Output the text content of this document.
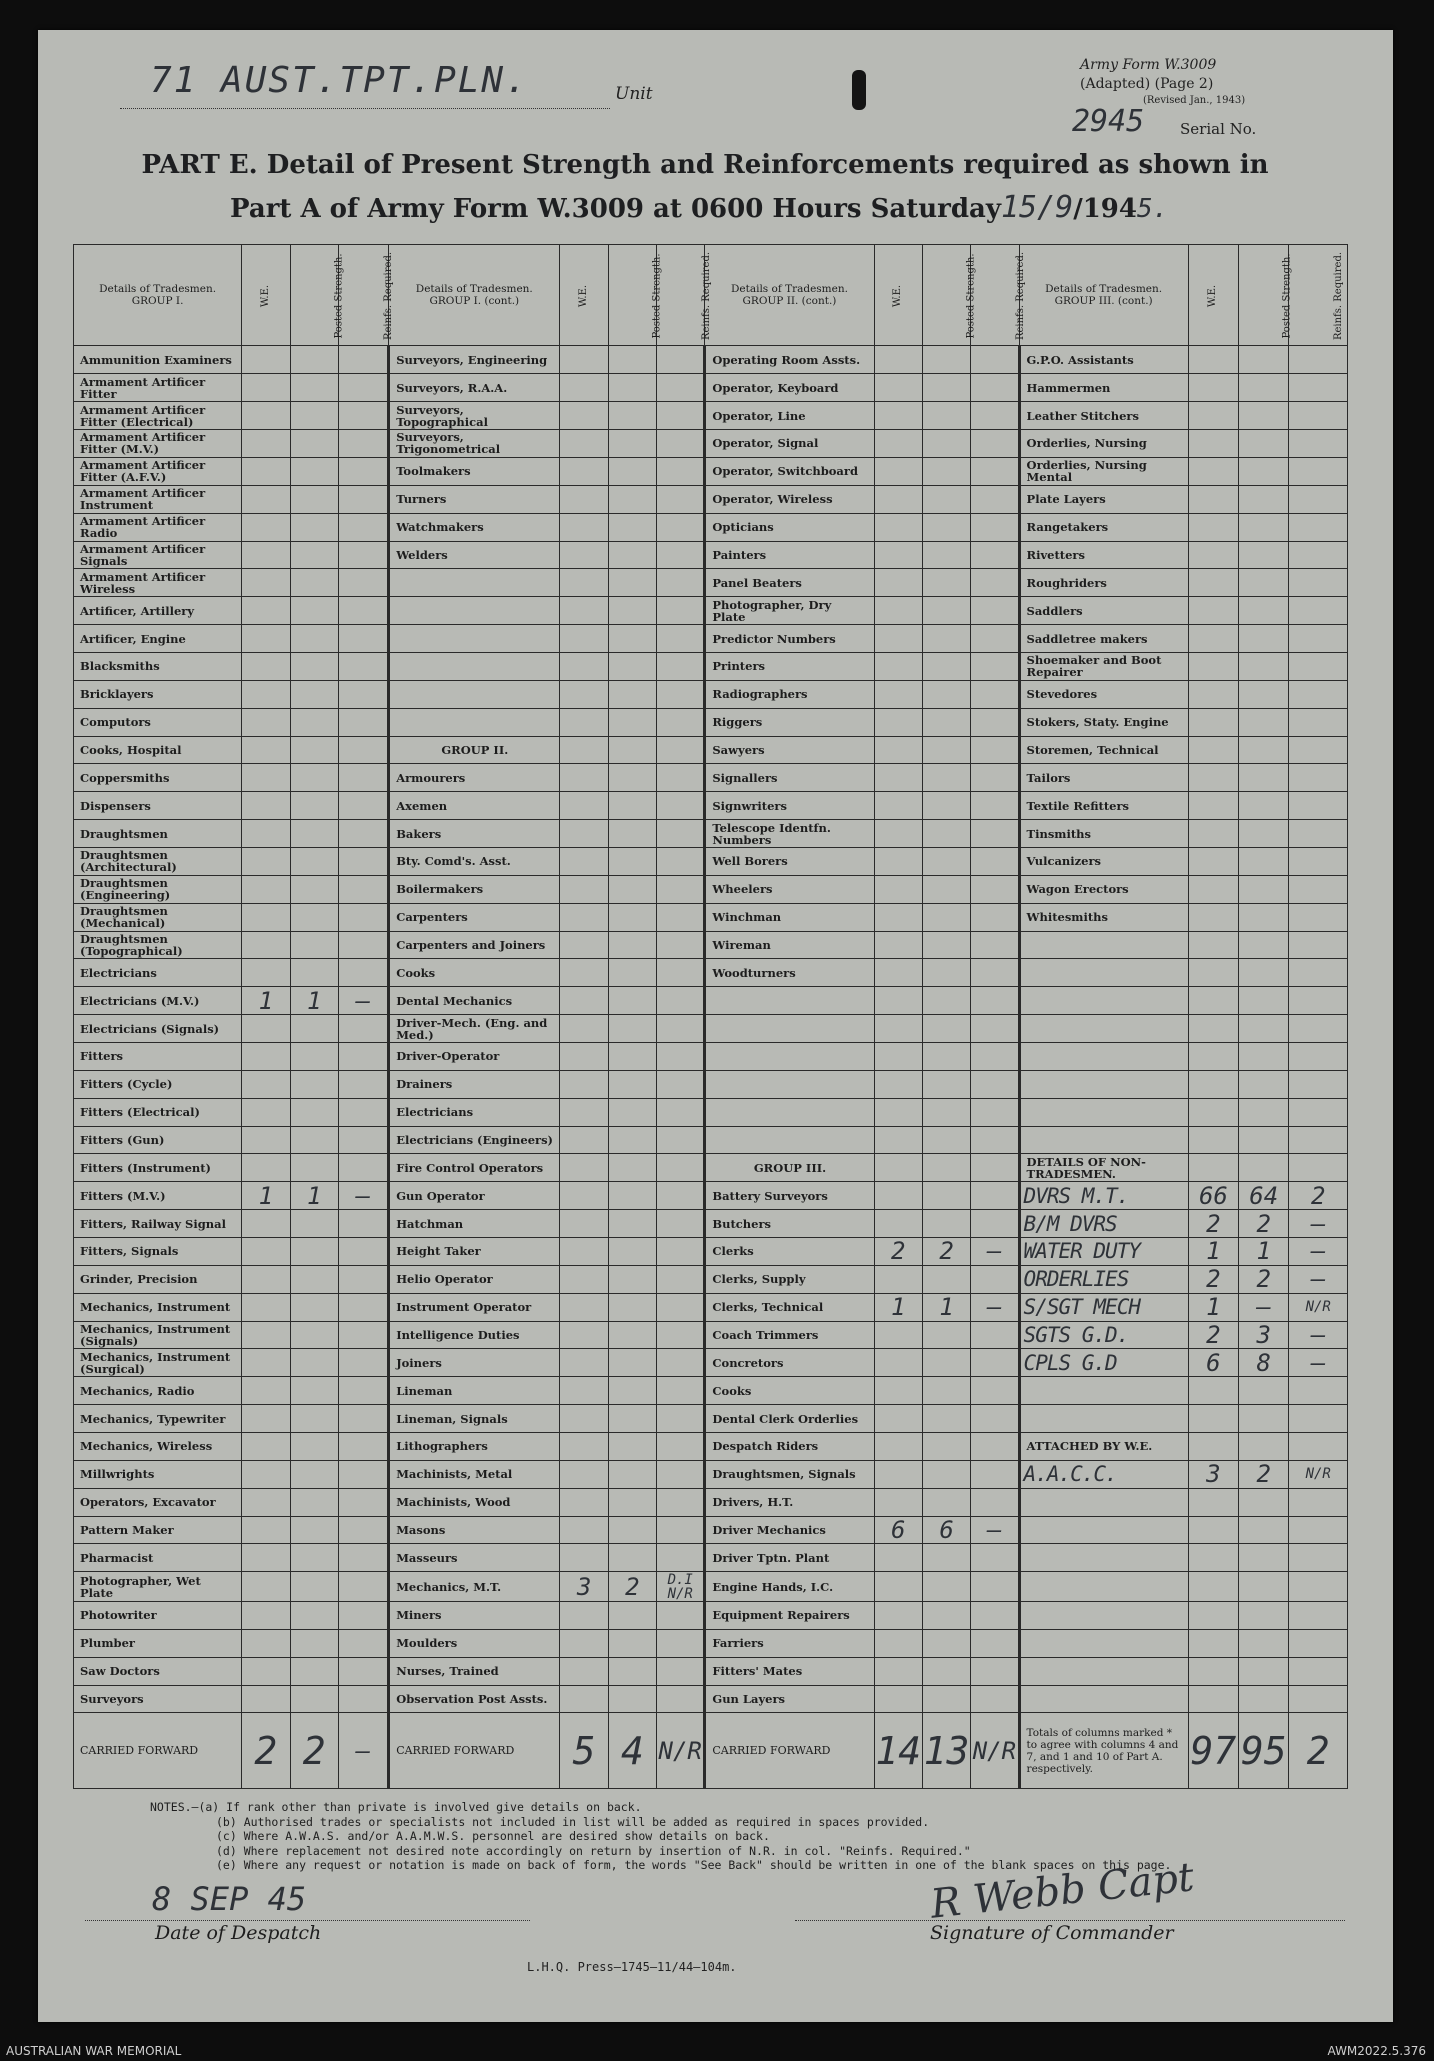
71 AUST.TPT.PLN.	Unit
Army Form W.3009
(Adapted) (Page 2)
(Revised Jan., 1943)
2945 Serial No.
PART E. Detail of Present Strength and Reinforcements required as shown in
Part A of Army Form W.3009 at 0600 Hours Saturday15/9/1945.
Details of Tradesmen. GROUP I.	W.E.	Posted Strength.	Reinfs. Required.	Details of Tradesmen. GROUP I. (cont.)	W.E.	Posted Strength.	Reinfs. Required.	Details of Tradesmen. GROUP II. (cont.)	W.E.	Posted Strength.	Reinfs. Required.	Details of Tradesmen. GROUP III. (cont.)	W.E.	Posted Strength.	Reinfs. Required.
Ammunition Examiners				Surveyors, Engineering				Operating Room Assts.				G.P.O. Assistants			
Armament Artificer Fitter				Surveyors, R.A.A.				Operator, Keyboard				Hammermen			
Armament Artificer Fitter (Electrical)				Surveyors, Topographical				Operator, Line				Leather Stitchers			
Armament Artificer Fitter (M.V.)				Surveyors, Trigonometrical				Operator, Signal				Orderlies, Nursing			
Armament Artificer Fitter (A.F.V.)				Toolmakers				Operator, Switchboard				Orderlies, Nursing Mental			
Armament Artificer Instrument				Turners				Operator, Wireless				Plate Layers			
Armament Artificer Radio				Watchmakers				Opticians				Rangetakers			
Armament Artificer Signals				Welders				Painters				Rivetters			
Armament Artificer Wireless								Panel Beaters				Roughriders			
Artificer, Artillery								Photographer, Dry Plate				Saddlers			
Artificer, Engine								Predictor Numbers				Saddletree makers			
Blacksmiths								Printers				Shoemaker and Boot Repairer			
Bricklayers								Radiographers				Stevedores			
Computors								Riggers				Stokers, Staty. Engine			
Cooks, Hospital				GROUP II.				Sawyers				Storemen, Technical			
Coppersmiths				Armourers				Signallers				Tailors			
Dispensers				Axemen				Signwriters				Textile Refitters			
Draughtsmen				Bakers				Telescope Identfn. Numbers				Tinsmiths			
Draughtsmen (Architectural)				Bty. Comd's. Asst.				Well Borers				Vulcanizers			
Draughtsmen (Engineering)				Boilermakers				Wheelers				Wagon Erectors			
Draughtsmen (Mechanical)				Carpenters				Winchman				Whitesmiths			
Draughtsmen (Topographical)				Carpenters and Joiners				Wireman							
Electricians				Cooks				Woodturners							
Electricians (M.V.)	1	1	—	Dental Mechanics											
Electricians (Signals)				Driver-Mech. (Eng. and Med.)											
Fitters				Driver-Operator											
Fitters (Cycle)				Drainers											
Fitters (Electrical)				Electricians											
Fitters (Gun)				Electricians (Engineers)											
Fitters (Instrument)				Fire Control Operators				GROUP III.				DETAILS OF NON-TRADESMEN.			
Fitters (M.V.)	1	1	—	Gun Operator				Battery Surveyors				DVRS M.T.	66	64	2
Fitters, Railway Signal				Hatchman				Butchers				B/M DVRS	2	2	—
Fitters, Signals				Height Taker				Clerks	2	2	—	WATER DUTY	1	1	—
Grinder, Precision				Helio Operator				Clerks, Supply				ORDERLIES	2	2	—
Mechanics, Instrument				Instrument Operator				Clerks, Technical	1	1	—	S/SGT MECH	1	—	N/R
Mechanics, Instrument (Signals)				Intelligence Duties				Coach Trimmers				SGTS G.D.	2	3	—
Mechanics, Instrument (Surgical)				Joiners				Concretors				CPLS G.D	6	8	—
Mechanics, Radio				Lineman				Cooks							
Mechanics, Typewriter				Lineman, Signals				Dental Clerk Orderlies							
Mechanics, Wireless				Lithographers				Despatch Riders				ATTACHED BY W.E.			
Millwrights				Machinists, Metal				Draughtsmen, Signals				A.A.C.C.	3	2	N/R
Operators, Excavator				Machinists, Wood				Drivers, H.T.							
Pattern Maker				Masons				Driver Mechanics	6	6	—				
Pharmacist				Masseurs				Driver Tptn. Plant							
Photographer, Wet Plate				Mechanics, M.T.	3	2	D.I N/R	Engine Hands, I.C.							
Photowriter				Miners				Equipment Repairers							
Plumber				Moulders				Farriers							
Saw Doctors				Nurses, Trained				Fitters' Mates							
Surveyors				Observation Post Assts.				Gun Layers							
CARRIED FORWARD	2	2	—	CARRIED FORWARD	5	4	N/R	CARRIED FORWARD	14	13	N/R	Totals of columns marked * to agree with columns 4 and 7, and 1 and 10 of Part A. respectively.	97	95	2
NOTES.—(a) If rank other than private is involved give details on back.
(b) Authorised trades or specialists not included in list will be added as required in spaces provided.
(c) Where A.W.A.S. and/or A.A.M.W.S. personnel are desired show details on back.
(d) Where replacement not desired note accordingly on return by insertion of N.R. in col. "Reinfs. Required."
(e) Where any request or notation is made on back of form, the words "See Back" should be written in one of the blank spaces on this page.
8 SEP 45
Date of Despatch
R Webb Capt
Signature of Commander
L.H.Q. Press—1745—11/44—104m.
AUSTRALIAN WAR MEMORIAL	AWM2022.5.376
